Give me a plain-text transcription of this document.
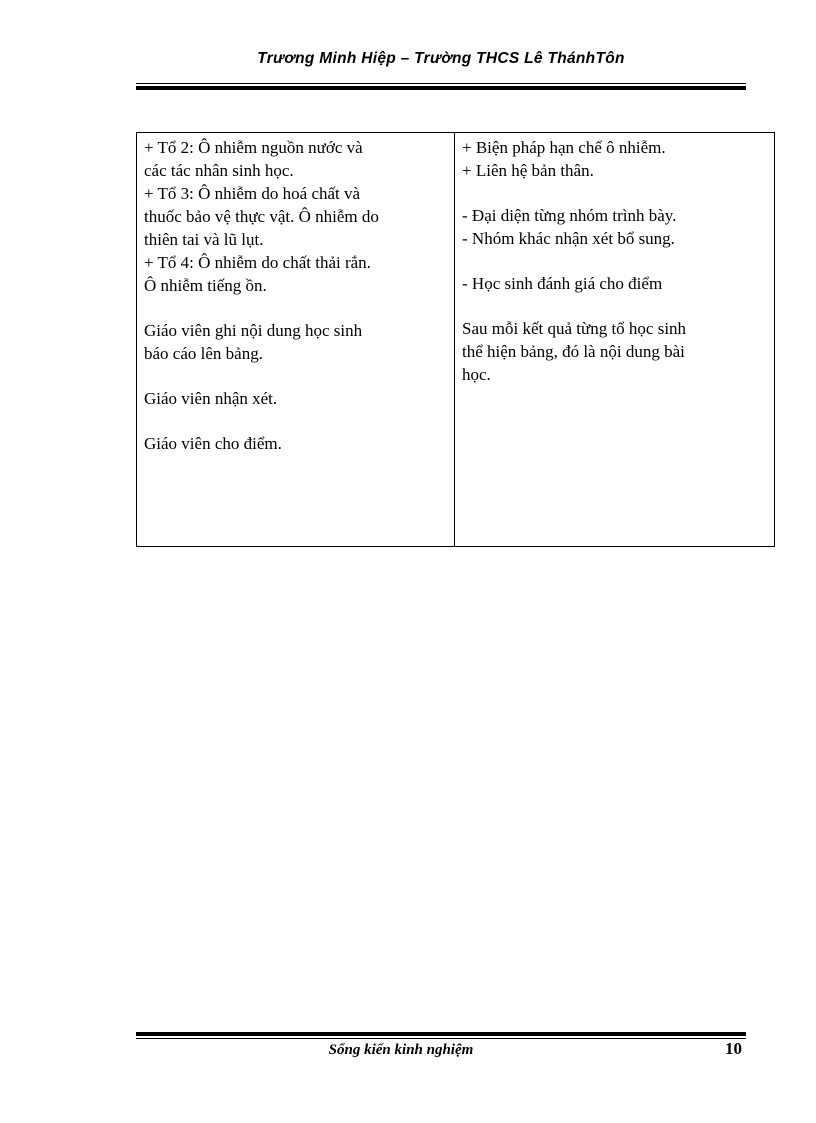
Trương Minh Hiệp – Trường THCS Lê ThánhTôn
+ Tổ 2: Ô nhiễm nguồn nước và
các tác nhân sinh học.
+ Tổ 3: Ô nhiễm do hoá chất và
thuốc bảo vệ thực vật. Ô nhiễm do
thiên tai và lũ lụt.
+ Tổ 4: Ô nhiễm do chất thải rắn.
Ô nhiễm tiếng ồn.
Giáo viên ghi nội dung học sinh
báo cáo lên bảng.
Giáo viên nhận xét.
Giáo viên cho điểm.

+ Biện pháp hạn chế ô nhiễm.
+ Liên hệ bản thân.
- Đại diện từng nhóm trình bày.
- Nhóm khác nhận xét bổ sung.
- Học sinh đánh giá cho điểm
Sau mỗi kết quả từng tổ học sinh
thể hiện bảng, đó là nội dung bài
học.
Sổng kiến kinh nghiệm	10
